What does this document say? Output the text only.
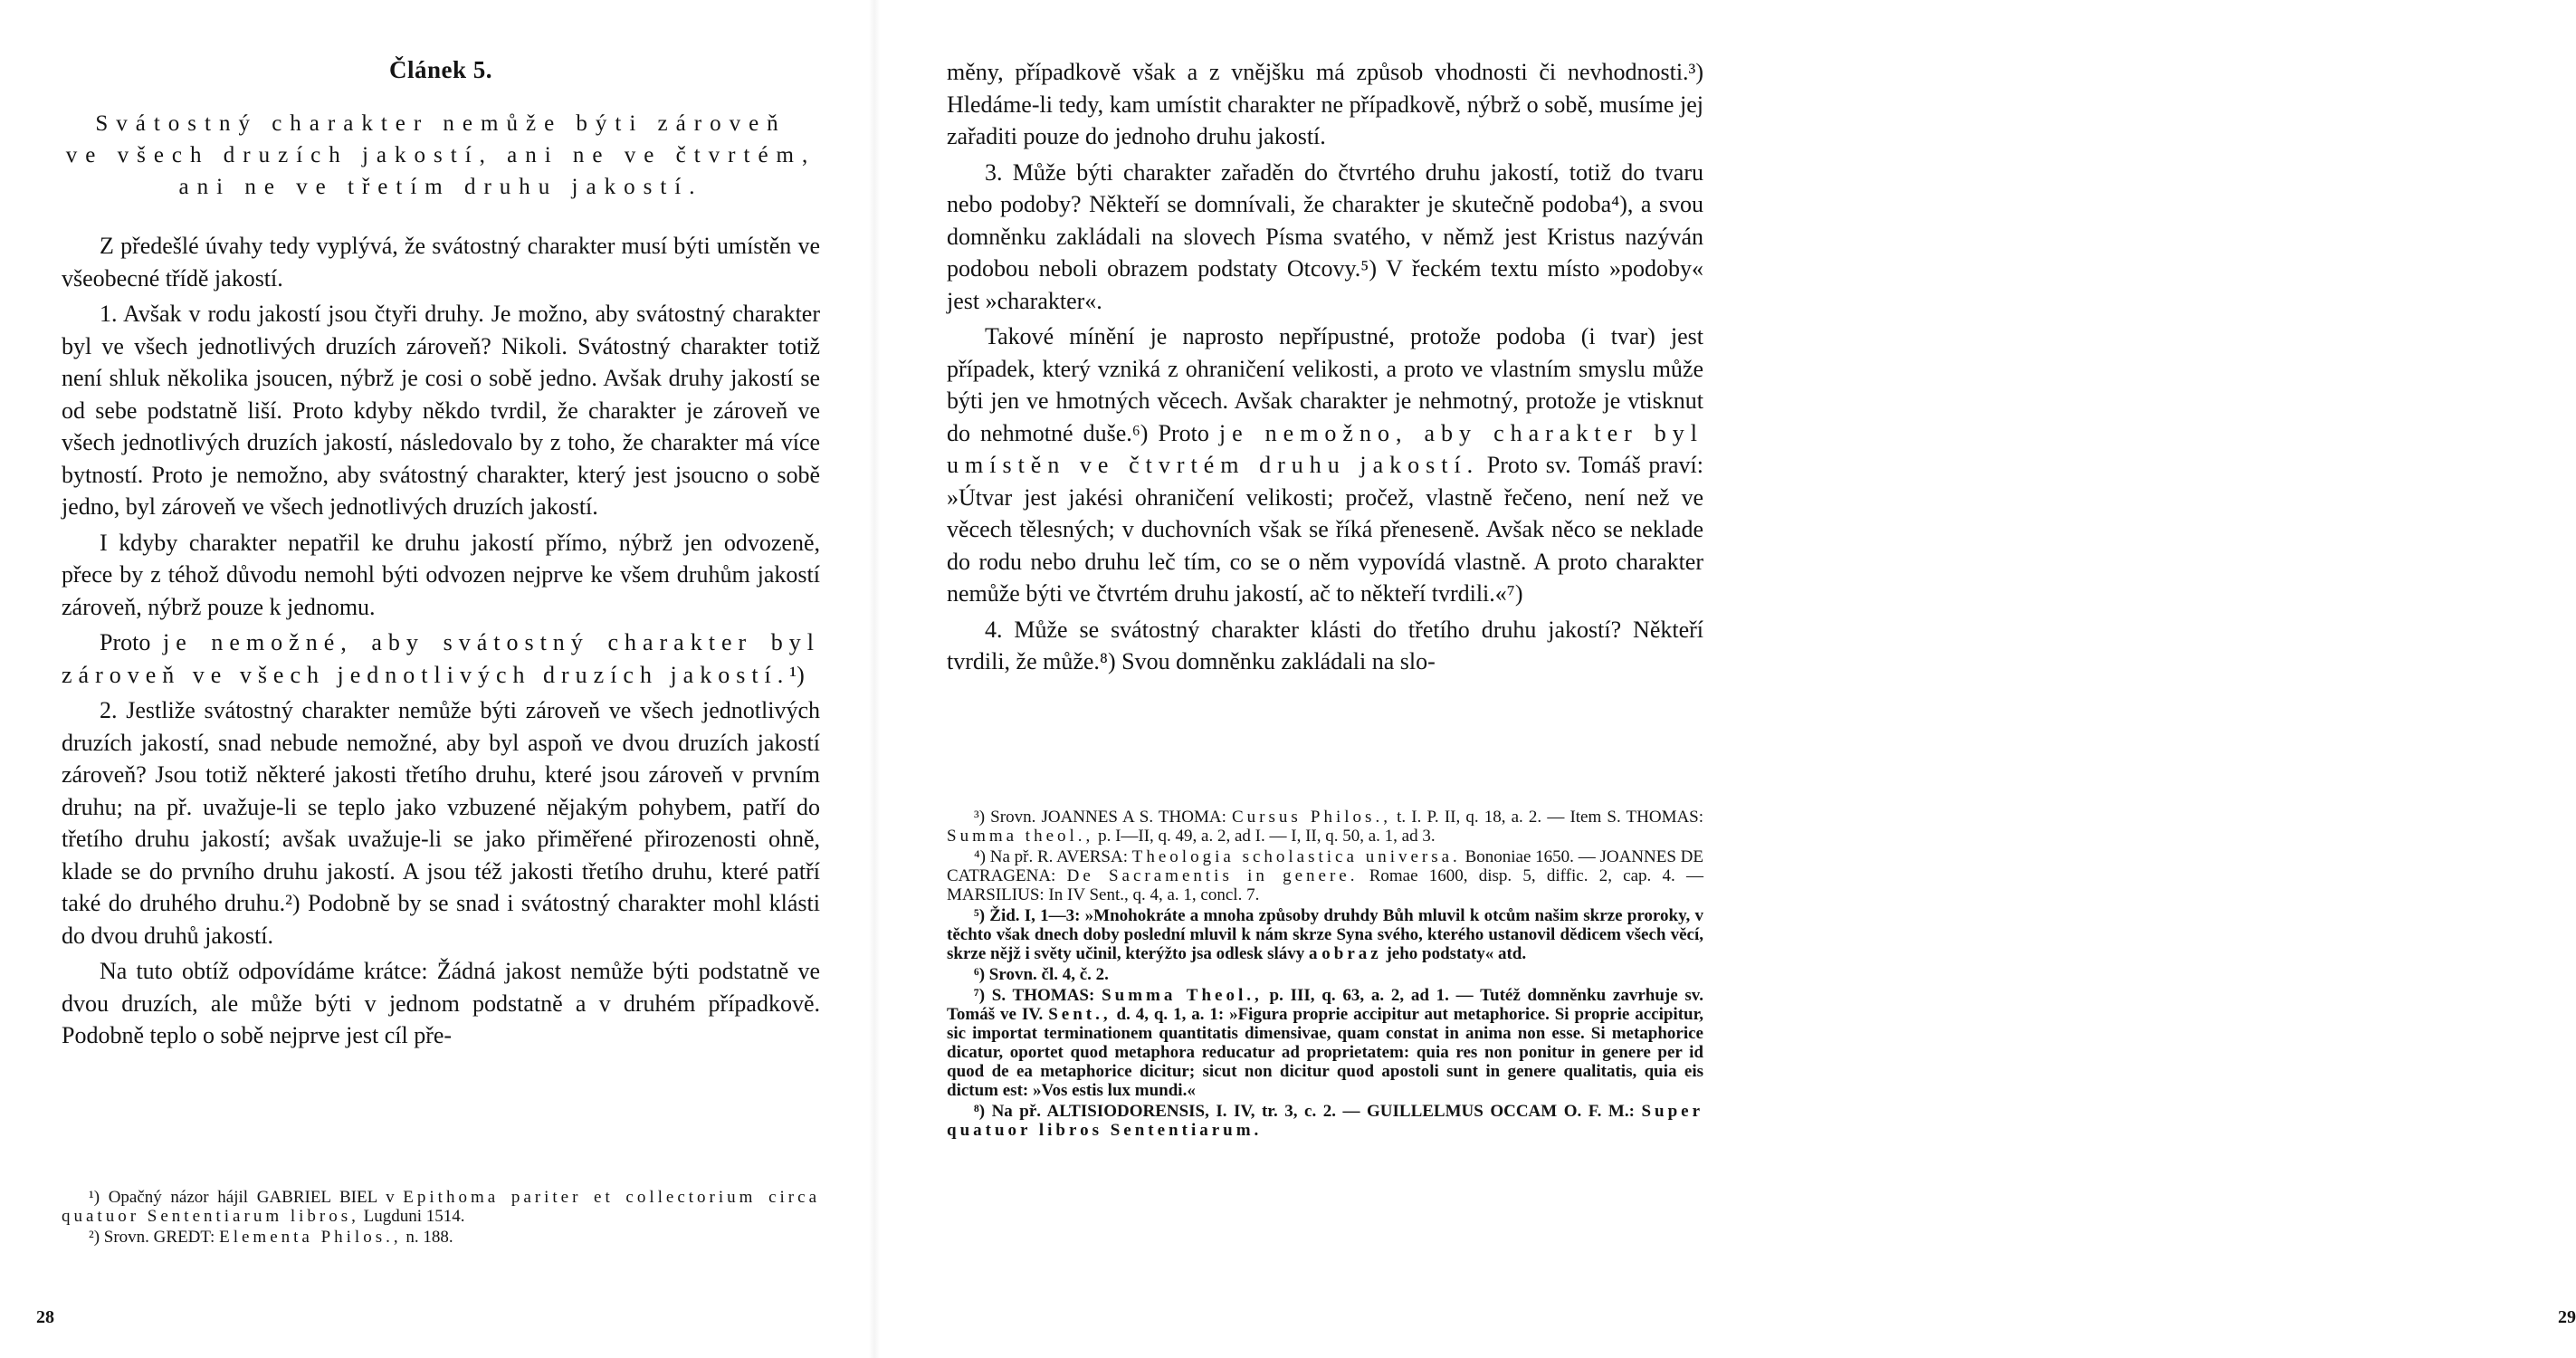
Článek 5.
Svátostný charakter nemůže býti zároveň
ve všech druzích jakostí, ani ne ve čtvrtém,
ani ne ve třetím druhu jakostí.

Z předešlé úvahy tedy vyplývá, že svátostný charakter musí býti umístěn ve všeobecné třídě jakostí.

1. Avšak v rodu jakostí jsou čtyři druhy. Je možno, aby svátostný charakter byl ve všech jednotlivých druzích zároveň? Nikoli. Svátostný charakter totiž není shluk několika jsoucen, nýbrž je cosi o sobě jedno. Avšak druhy jakostí se od sebe podstatně liší. Proto kdyby někdo tvrdil, že charakter je zároveň ve všech jednotlivých druzích jakostí, následovalo by z toho, že charakter má více bytností. Proto je nemožno, aby svátostný charakter, který jest jsoucno o sobě jedno, byl zároveň ve všech jednotlivých druzích jakostí.

I kdyby charakter nepatřil ke druhu jakostí přímo, nýbrž jen odvozeně, přece by z téhož důvodu nemohl býti odvozen nejprve ke všem druhům jakostí zároveň, nýbrž pouze k jednomu.

Proto je nemožné, aby svátostný charakter byl zároveň ve všech jednotlivých druzích jakostí.¹)

2. Jestliže svátostný charakter nemůže býti zároveň ve všech jednotlivých druzích jakostí, snad nebude nemožné, aby byl aspoň ve dvou druzích jakostí zároveň? Jsou totiž některé jakosti třetího druhu, které jsou zároveň v prvním druhu; na př. uvažuje-li se teplo jako vzbuzené nějakým pohybem, patří do třetího druhu jakostí; avšak uvažuje-li se jako přiměřené přirozenosti ohně, klade se do prvního druhu jakostí. A jsou též jakosti třetího druhu, které patří také do druhého druhu.²) Podobně by se snad i svátostný charakter mohl klásti do dvou druhů jakostí.

Na tuto obtíž odpovídáme krátce: Žádná jakost nemůže býti podstatně ve dvou druzích, ale může býti v jednom podstatně a v druhém případkově. Podobně teplo o sobě nejprve jest cíl pře-

¹) Opačný názor hájil GABRIEL BIEL v Epithoma pariter et collectorium circa quatuor Sententiarum libros, Lugduni 1514.

²) Srovn. GREDT: Elementa Philos., n. 188.

28

měny, případkově však a z vnějšku má způsob vhodnosti či nevhodnosti.³) Hledáme-li tedy, kam umístit charakter ne případkově, nýbrž o sobě, musíme jej zařaditi pouze do jednoho druhu jakostí.

3. Může býti charakter zařaděn do čtvrtého druhu jakostí, totiž do tvaru nebo podoby? Někteří se domnívali, že charakter je skutečně podoba⁴), a svou domněnku zakládali na slovech Písma svatého, v němž jest Kristus nazýván podobou neboli obrazem podstaty Otcovy.⁵) V řeckém textu místo »podoby« jest »charakter«.

Takové mínění je naprosto nepřípustné, protože podoba (i tvar) jest případek, který vzniká z ohraničení velikosti, a proto ve vlastním smyslu může býti jen ve hmotných věcech. Avšak charakter je nehmotný, protože je vtisknut do nehmotné duše.⁶) Proto je nemožno, aby charakter byl umístěn ve čtvrtém druhu jakostí. Proto sv. Tomáš praví: »Útvar jest jakési ohraničení velikosti; pročež, vlastně řečeno, není než ve věcech tělesných; v duchovních však se říká přeneseně. Avšak něco se neklade do rodu nebo druhu leč tím, co se o něm vypovídá vlastně. A proto charakter nemůže býti ve čtvrtém druhu jakostí, ač to někteří tvrdili.«⁷)

4. Může se svátostný charakter klásti do třetího druhu jakostí? Někteří tvrdili, že může.⁸) Svou domněnku zakládali na slo-

³) Srovn. JOANNES A S. THOMA: Cursus Philos., t. I. P. II, q. 18, a. 2. — Item S. THOMAS: Summa theol., p. I—II, q. 49, a. 2, ad I. — I, II, q. 50, a. 1, ad 3.

⁴) Na př. R. AVERSA: Theologia scholastica universa. Bononiae 1650. — JOANNES DE CATRAGENA: De Sacramentis in genere. Romae 1600, disp. 5, diffic. 2, cap. 4. — MARSILIUS: In IV Sent., q. 4, a. 1, concl. 7.

⁵) Žid. I, 1—3: »Mnohokráte a mnoha způsoby druhdy Bůh mluvil k otcům našim skrze proroky, v těchto však dnech doby poslední mluvil k nám skrze Syna svého, kteréhо ustanovil dědicem všech věcí, skrze nějž i světy učinil, kterýžto jsa odlesk slávy a obraz jeho podstaty« atd.

⁶) Srovn. čl. 4, č. 2.

⁷) S. THOMAS: Summa Theol., p. III, q. 63, a. 2, ad 1. — Tutéž domněnku zavrhuje sv. Tomáš ve IV. Sent., d. 4, q. 1, a. 1: »Figura proprie accipitur aut metaphorice. Si proprie accipitur, sic importat terminationem quantitatis dimensivae, quam constat in anima non esse. Si metaphorice dicatur, oportet quod metaphora reducatur ad proprietatem: quia res non ponitur in genere per id quod de ea metaphorice dicitur; sicut non dicitur quod apostoli sunt in genere qualitatis, quia eis dictum est: »Vos estis lux mundi.«

⁸) Na př. ALTISIODORENSIS, I. IV, tr. 3, c. 2. — GUILLELMUS OCCAM O. F. M.: Super quatuor libros Sententiarum.

29
